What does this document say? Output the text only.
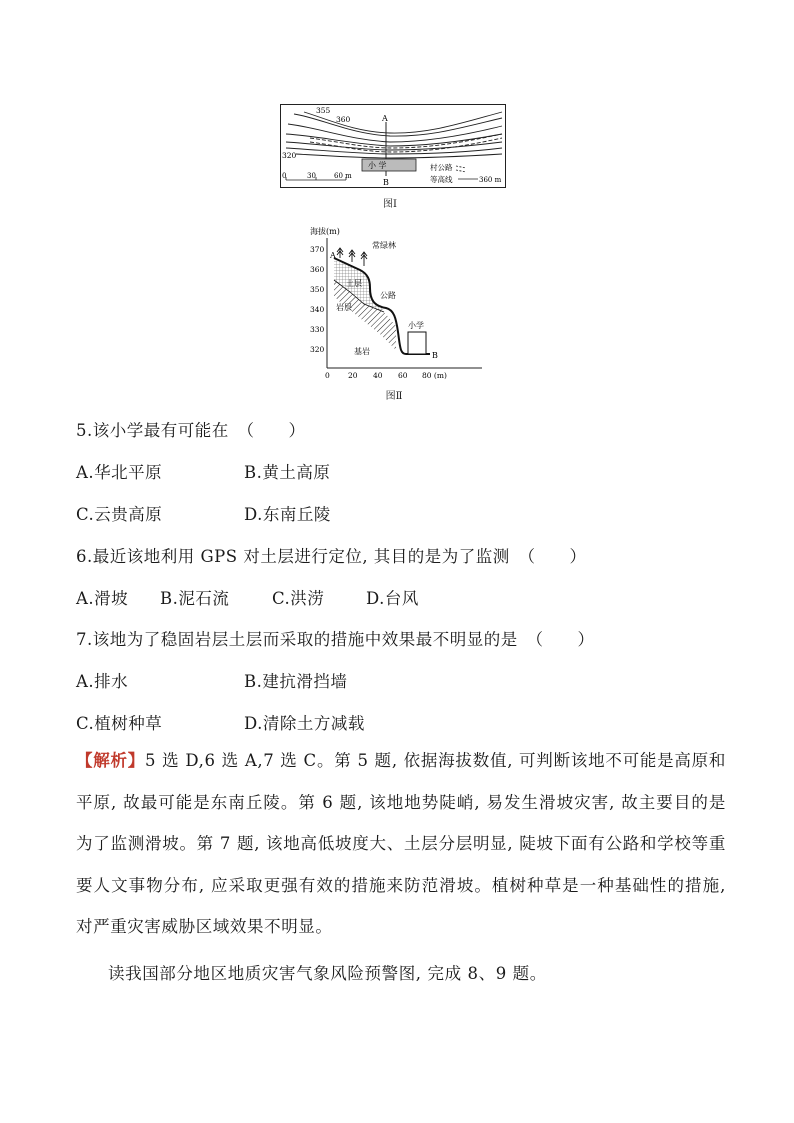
A
B
小 学
355
360
320
0	30	60 m
村公路
等高线	360 m
图Ⅰ
海拔(m)
370
360
350
340
330
320
0 20 40 60 80 (m)
A
B
常绿林
土层
岩层
公路
基岩
小学
图Ⅱ
5.该小学最有可能在　（　　）
A.华北平原	B.黄土高原
C.云贵高原	D.东南丘陵
6.最近该地利用 GPS 对土层进行定位, 其目的是为了监测　（　　）
A.滑坡 B.泥石流	C.洪涝	D.台风
7.该地为了稳固岩层土层而采取的措施中效果最不明显的是　（　　）
A.排水	B.建抗滑挡墙
C.植树种草	D.清除土方减载
【解析】5 选 D,6 选 A,7 选 C。第 5 题, 依据海拔数值, 可判断该地不可能是高原和平原, 故最可能是东南丘陵。第 6 题, 该地地势陡峭, 易发生滑坡灾害, 故主要目的是为了监测滑坡。第 7 题, 该地高低坡度大、土层分层明显, 陡坡下面有公路和学校等重要人文事物分布, 应采取更强有效的措施来防范滑坡。植树种草是一种基础性的措施, 对严重灾害威胁区域效果不明显。
读我国部分地区地质灾害气象风险预警图, 完成 8、9 题。
